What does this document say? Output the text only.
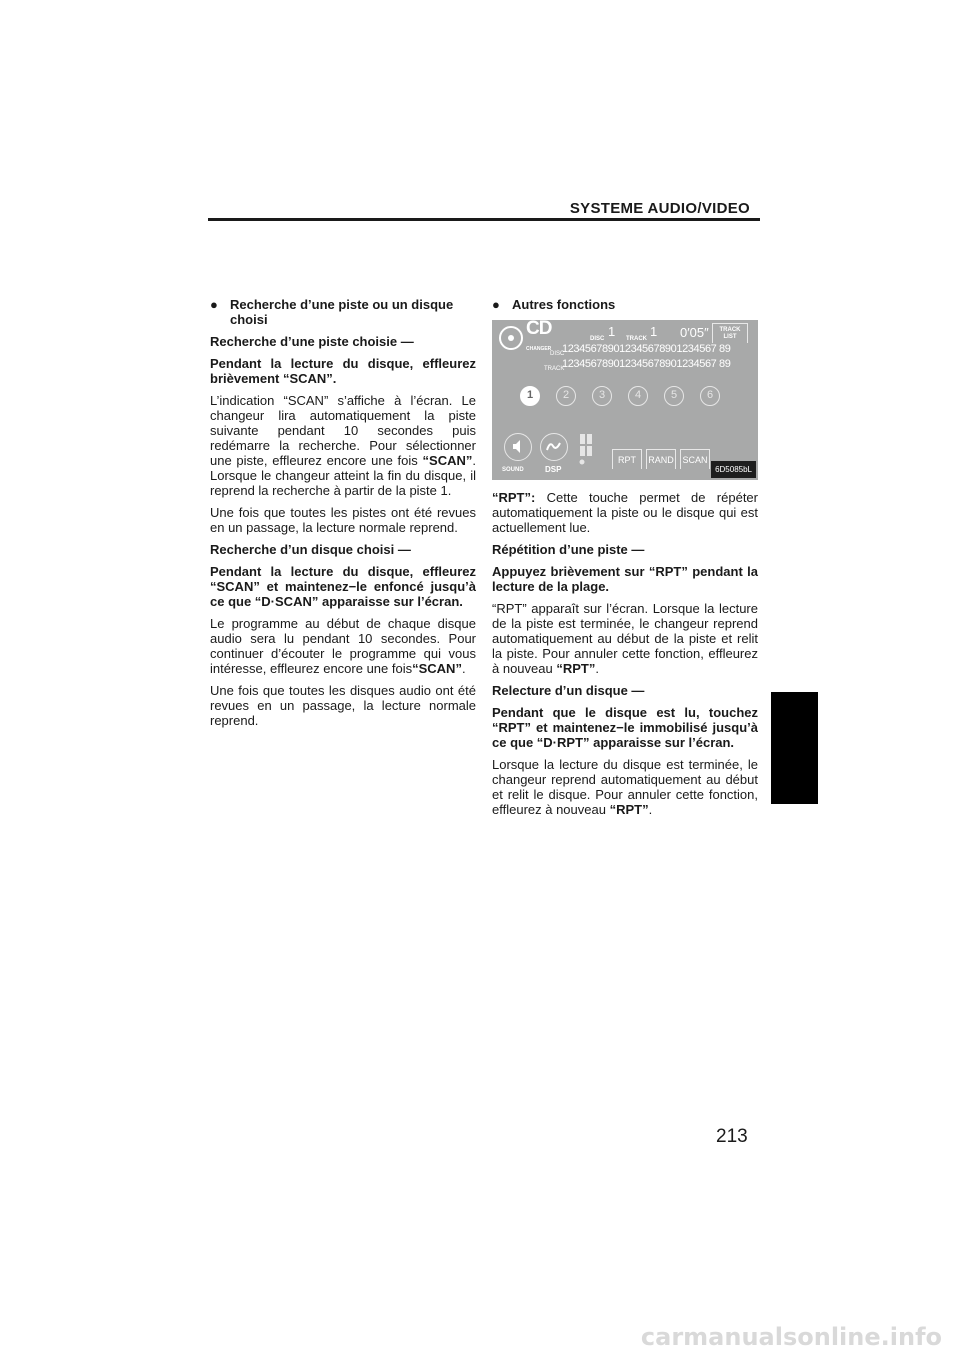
SYSTEME AUDIO/VIDEO
● Recherche d’une piste ou un disque choisi

Recherche d’une piste choisie —

Pendant la lecture du disque, effleurez brièvement “SCAN”.

L’indication “SCAN” s’affiche à l’écran. Le changeur lira automatiquement la piste suivante pendant 10 secondes puis redémarre la recherche. Pour sélectionner une piste, effleurez encore une fois “SCAN”. Lorsque le changeur atteint la fin du disque, il reprend la recherche à partir de la piste 1.

Une fois que toutes les pistes ont été revues en un passage, la lecture normale reprend.

Recherche d’un disque choisi —

Pendant la lecture du disque, effleurez “SCAN” et maintenez−le enfoncé jusqu’à ce que “D·SCAN” apparaisse sur l’écran.

Le programme au début de chaque disque audio sera lu pendant 10 secondes. Pour continuer d’écouter le programme qui vous intéresse, effleurez encore une fois“SCAN”.

Une fois que toutes les disques audio ont été revues en un passage, la lecture normale reprend.

● Autres fonctions
CD
CHANGER
DISC 1 TRACK 1 0′05″	TRACK
LIST
DISC
123456789012345678901234567 89
TRACK
123456789012345678901234567 89
1	2	3	4	5	6
SOUND	DSP
RPT	RAND SCAN
6D5085bL

“RPT”: Cette touche permet de répéter automatiquement la piste ou le disque qui est actuellement lue.

Répétition d’une piste —

Appuyez brièvement sur “RPT” pendant la lecture de la plage.

“RPT” apparaît sur l’écran. Lorsque la lecture de la piste est terminée, le changeur reprend automatiquement au début de la piste et relit la piste. Pour annuler cette fonction, effleurez à nouveau “RPT”.

Relecture d’un disque —

Pendant que le disque est lu, touchez “RPT” et maintenez−le immobilisé jusqu’à ce que “D·RPT” apparaisse sur l’écran.

Lorsque la lecture du disque est terminée, le changeur reprend automatiquement au début et relit le disque. Pour annuler cette fonction, effleurez à nouveau “RPT”.

213
carmanualsonline.info
